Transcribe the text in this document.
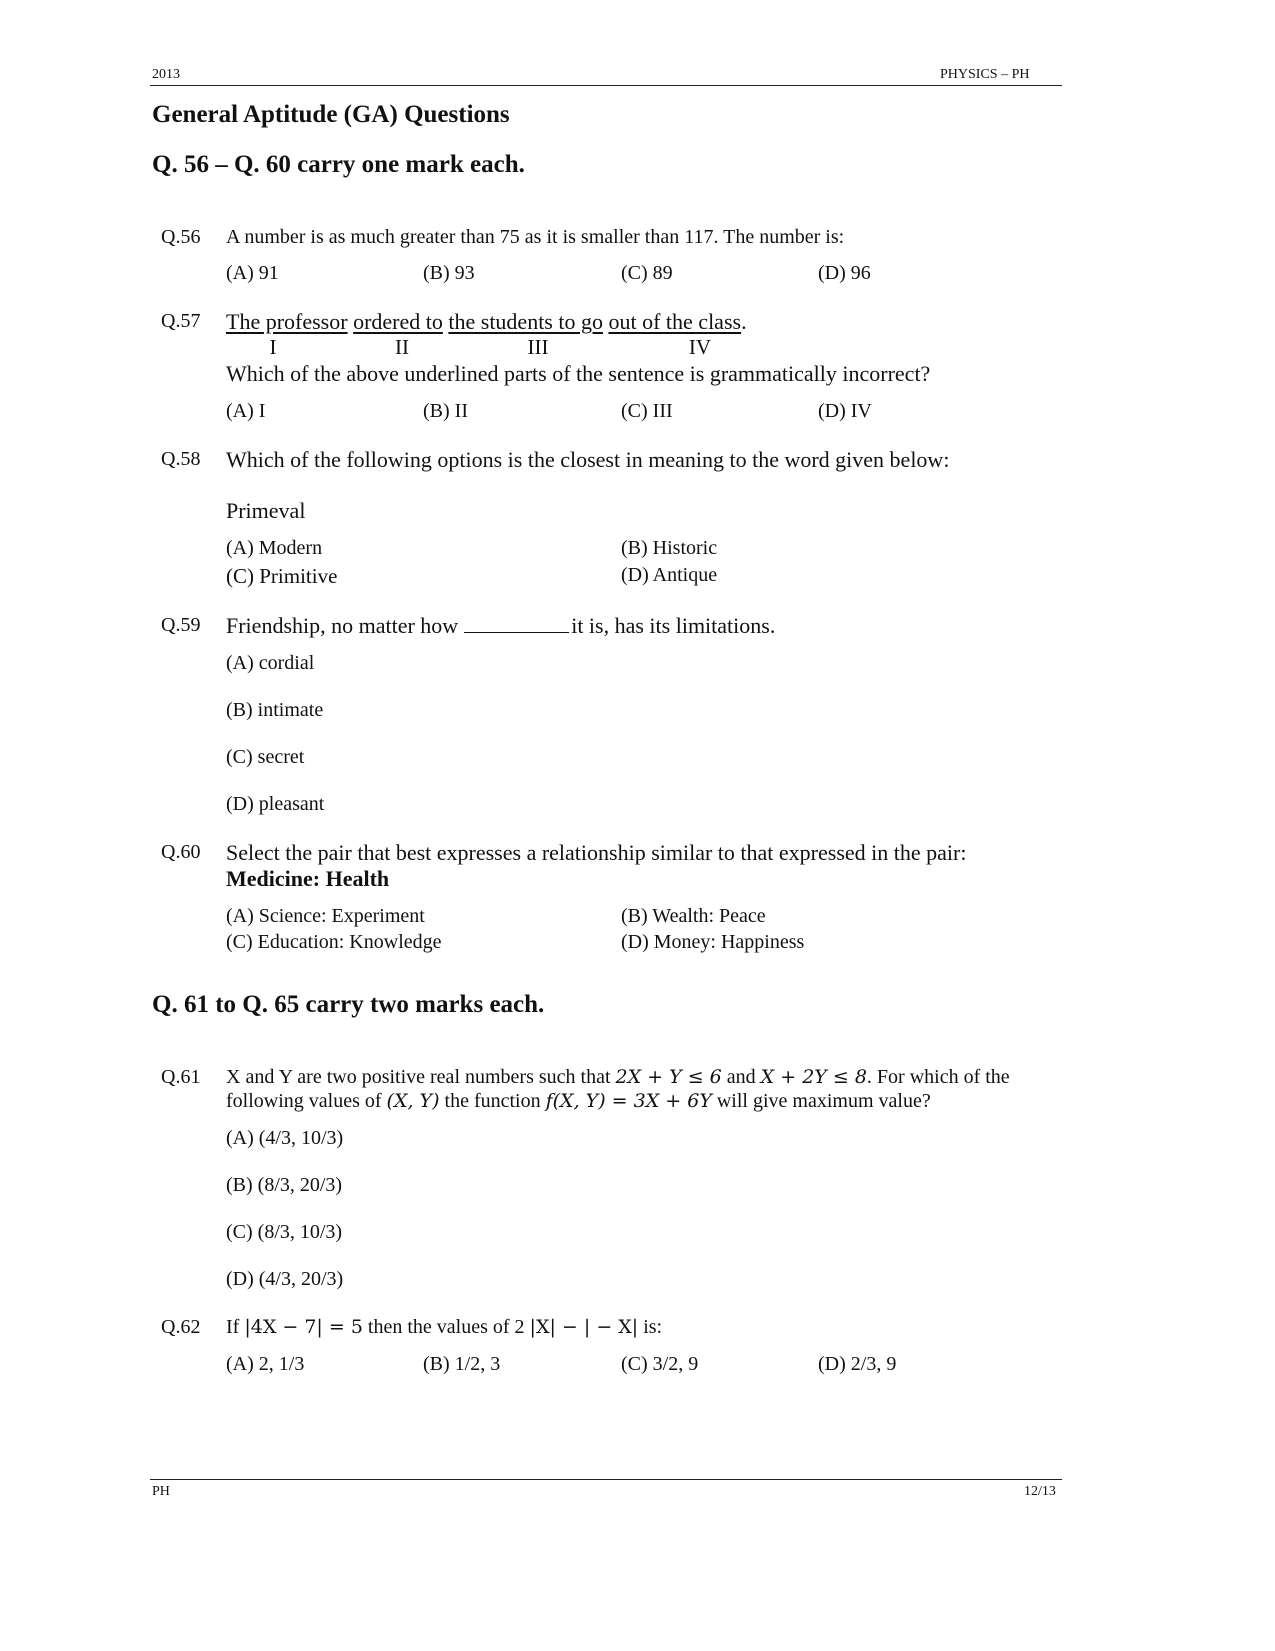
2013	PHYSICS – PH
General Aptitude (GA) Questions
Q. 56 – Q. 60 carry one mark each.
Q.56 A number is as much greater than 75 as it is smaller than 117. The number is:
(A) 91	(B) 93	(C) 89	(D) 96
Q.57 The professor ordered to the students to go out of the class.
I	II	III	IV
Which of the above underlined parts of the sentence is grammatically incorrect?
(A) I	(B) II	(C) III	(D) IV
Q.58 Which of the following options is the closest in meaning to the word given below:
Primeval
(A) Modern	(B) Historic
(C) Primitive	(D) Antique
Q.59 Friendship, no matter how	it is, has its limitations.
(A) cordial
(B) intimate
(C) secret
(D) pleasant
Q.60 Select the pair that best expresses a relationship similar to that expressed in the pair:
Medicine: Health
(A) Science: Experiment	(B) Wealth: Peace
(C) Education: Knowledge	(D) Money: Happiness
Q. 61 to Q. 65 carry two marks each.
Q.61 X and Y are two positive real numbers such that 2X + Y ≤ 6 and X + 2Y ≤ 8. For which of the
following values of (X, Y) the function f(X, Y) = 3X + 6Y will give maximum value?
(A) (4/3, 10/3)
(B) (8/3, 20/3)
(C) (8/3, 10/3)
(D) (4/3, 20/3)
Q.62 If |4X − 7| = 5 then the values of 2 |X| − | − X| is:
(A) 2, 1/3	(B) 1/2, 3	(C) 3/2, 9	(D) 2/3, 9
PH	12/13
